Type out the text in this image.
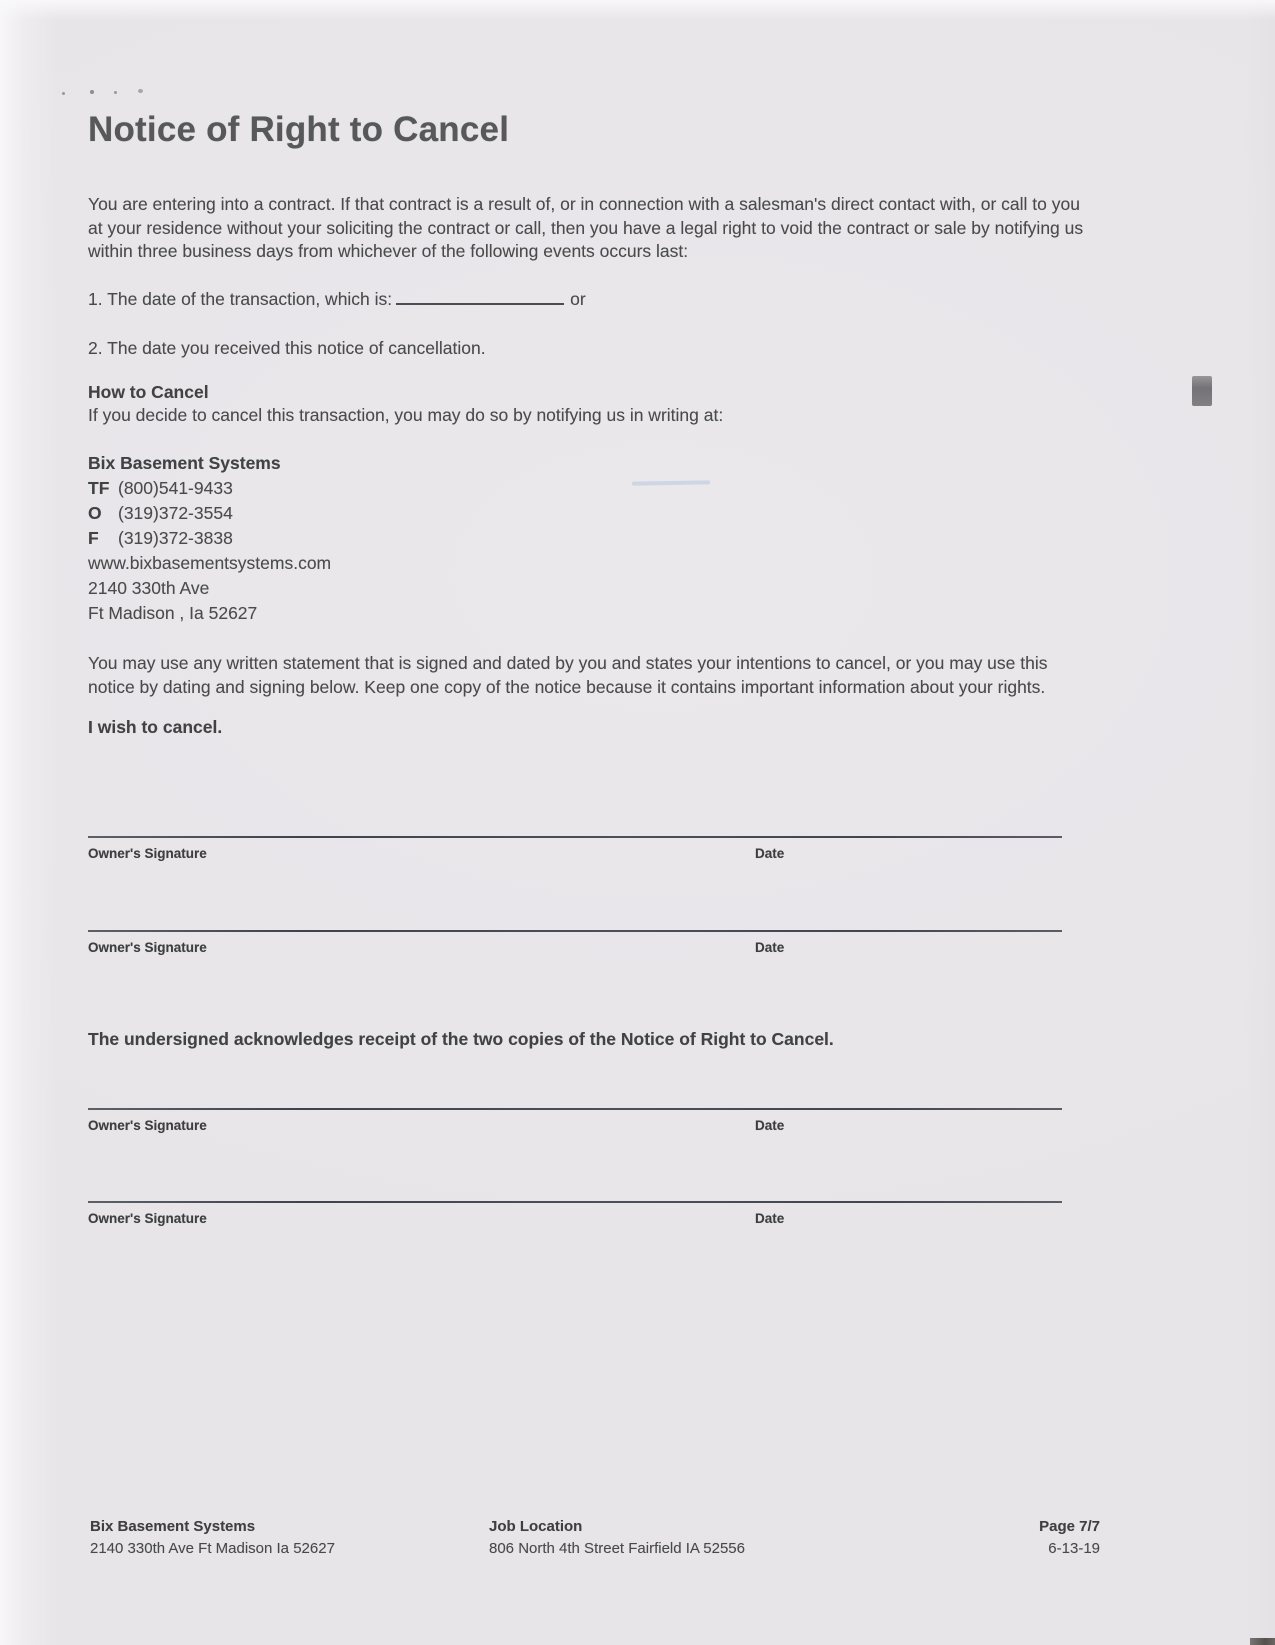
Notice of Right to Cancel

You are entering into a contract. If that contract is a result of, or in connection with a salesman's direct contact with, or call to you at your residence without your soliciting the contract or call, then you have a legal right to void the contract or sale by notifying us within three business days from whichever of the following events occurs last:

1. The date of the transaction, which is:	or

2. The date you received this notice of cancellation.

How to Cancel

If you decide to cancel this transaction, you may do so by notifying us in writing at:

Bix Basement Systems
TF (800)541-9433
O (319)372-3554
F (319)372-3838
www.bixbasementsystems.com
2140 330th Ave
Ft Madison , Ia 52627

You may use any written statement that is signed and dated by you and states your intentions to cancel, or you may use this notice by dating and signing below. Keep one copy of the notice because it contains important information about your rights.

I wish to cancel.

Owner's Signature	Date
Owner's Signature	Date

The undersigned acknowledges receipt of the two copies of the Notice of Right to Cancel.

Owner's Signature	Date
Owner's Signature	Date
Bix Basement Systems
2140 330th Ave Ft Madison Ia 52627
Job Location
806 North 4th Street Fairfield IA 52556
Page 7/7
6-13-19
